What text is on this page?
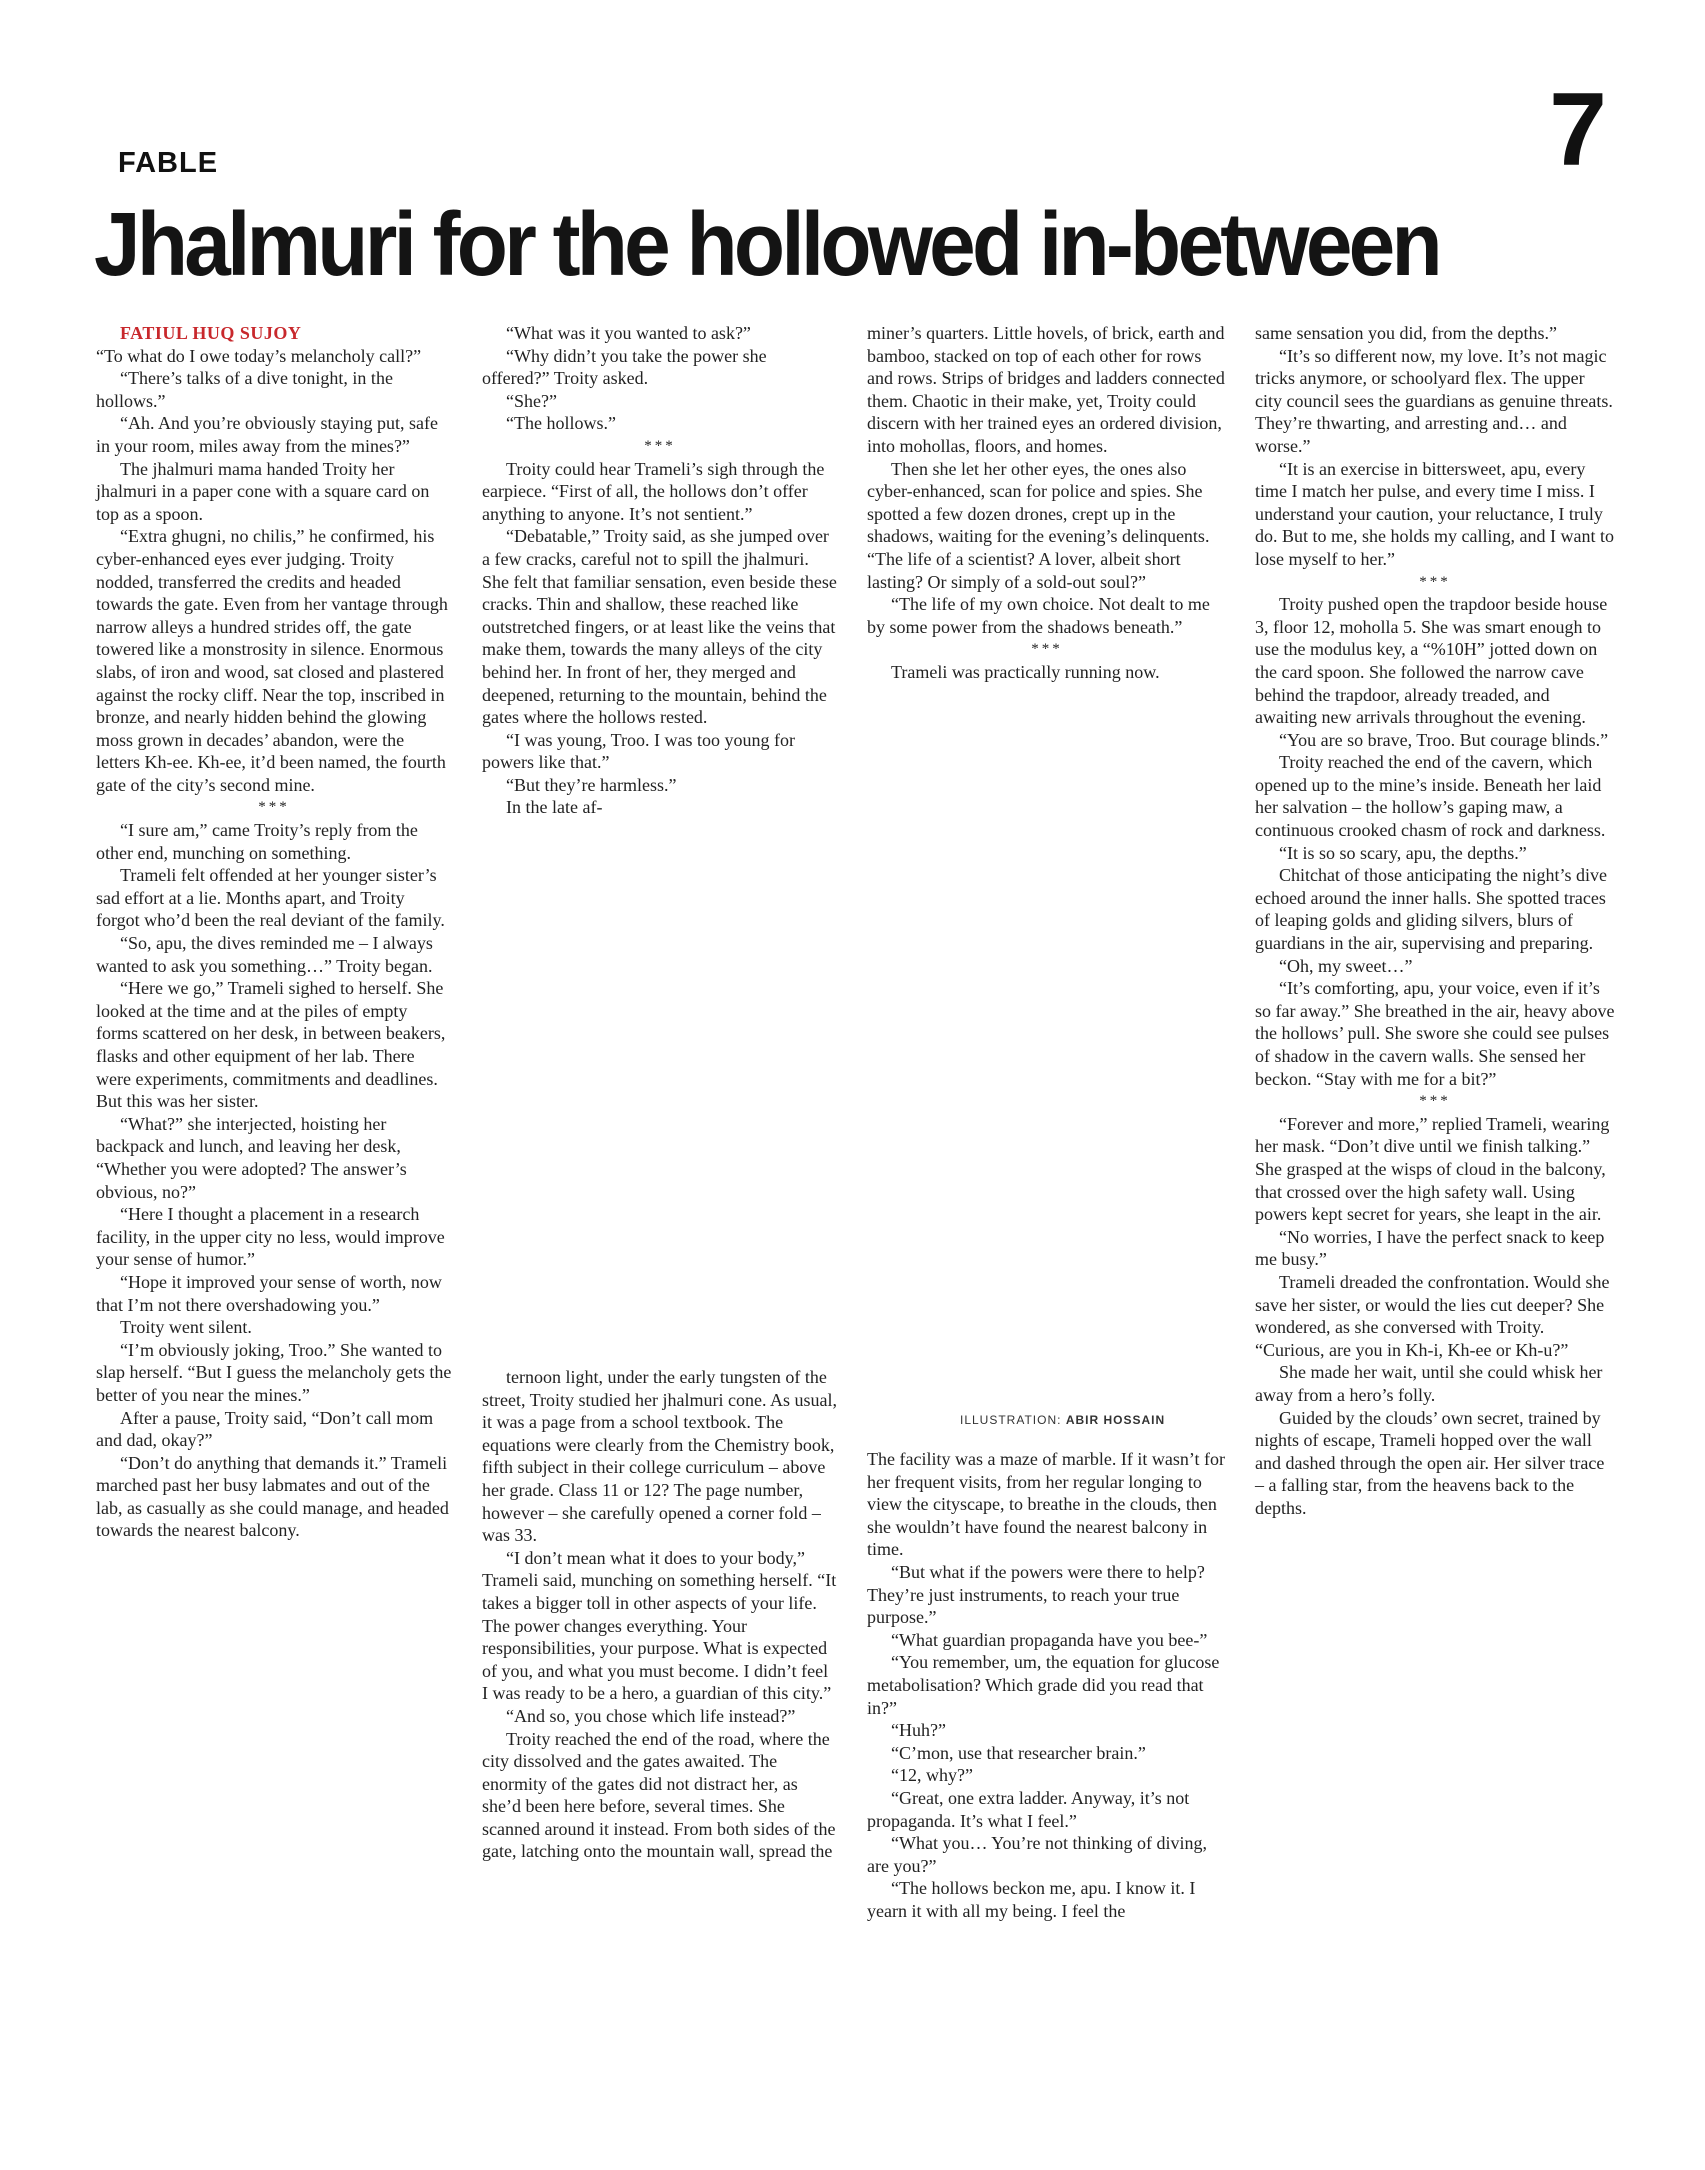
FABLE	7
Jhalmuri for the hollowed in-between

FATIUL HUQ SUJOY

“To what do I owe today’s melancholy call?”

“There’s talks of a dive tonight, in the hollows.”

“Ah. And you’re obviously staying put, safe in your room, miles away from the mines?”

The jhalmuri mama handed Troity her jhalmuri in a paper cone with a square card on top as a spoon.

“Extra ghugni, no chilis,” he confirmed, his cyber-enhanced eyes ever judging. Troity nodded, transferred the credits and headed towards the gate. Even from her vantage through narrow alleys a hundred strides off, the gate towered like a monstrosity in silence. Enormous slabs, of iron and wood, sat closed and plastered against the rocky cliff. Near the top, inscribed in bronze, and nearly hidden behind the glowing moss grown in decades’ abandon, were the letters Kh-ee. Kh-ee, it’d been named, the fourth gate of the city’s second mine.

***

“I sure am,” came Troity’s reply from the other end, munching on something.

Trameli felt offended at her younger sister’s sad effort at a lie. Months apart, and Troity forgot who’d been the real deviant of the family.

“So, apu, the dives reminded me – I always wanted to ask you something…” Troity began.

“Here we go,” Trameli sighed to herself. She looked at the time and at the piles of empty forms scattered on her desk, in between beakers, flasks and other equipment of her lab. There were experiments, commitments and deadlines. But this was her sister.

“What?” she interjected, hoisting her backpack and lunch, and leaving her desk, “Whether you were adopted? The answer’s obvious, no?”

“Here I thought a placement in a research facility, in the upper city no less, would improve your sense of humor.”

“Hope it improved your sense of worth, now that I’m not there overshadowing you.”

Troity went silent.

“I’m obviously joking, Troo.” She wanted to slap herself. “But I guess the melancholy gets the better of you near the mines.”

After a pause, Troity said, “Don’t call mom and dad, okay?”

“Don’t do anything that demands it.” Trameli marched past her busy labmates and out of the lab, as casually as she could manage, and headed towards the nearest balcony.

“What was it you wanted to ask?”

“Why didn’t you take the power she offered?” Troity asked.

“She?”

“The hollows.”

***

Troity could hear Trameli’s sigh through the earpiece. “First of all, the hollows don’t offer anything to anyone. It’s not sentient.”

“Debatable,” Troity said, as she jumped over a few cracks, careful not to spill the jhalmuri. She felt that familiar sensation, even beside these cracks. Thin and shallow, these reached like outstretched fingers, or at least like the veins that make them, towards the many alleys of the city behind her. In front of her, they merged and deepened, returning to the mountain, behind the gates where the hollows rested.

“I was young, Troo. I was too young for powers like that.”

“But they’re harmless.”

In the late af-

ternoon light, under the early tungsten of the street, Troity studied her jhalmuri cone. As usual, it was a page from a school textbook. The equations were clearly from the Chemistry book, fifth subject in their college curriculum – above her grade. Class 11 or 12? The page number, however – she carefully opened a corner fold – was 33.

“I don’t mean what it does to your body,” Trameli said, munching on something herself. “It takes a bigger toll in other aspects of your life. The power changes everything. Your responsibilities, your purpose. What is expected of you, and what you must become. I didn’t feel I was ready to be a hero, a guardian of this city.”

“And so, you chose which life instead?”

Troity reached the end of the road, where the city dissolved and the gates awaited. The enormity of the gates did not distract her, as she’d been here before, several times. She scanned around it instead. From both sides of the gate, latching onto the mountain wall, spread the

miner’s quarters. Little hovels, of brick, earth and bamboo, stacked on top of each other for rows and rows. Strips of bridges and ladders connected them. Chaotic in their make, yet, Troity could discern with her trained eyes an ordered division, into mohollas, floors, and homes.

Then she let her other eyes, the ones also cyber-enhanced, scan for police and spies. She spotted a few dozen drones, crept up in the shadows, waiting for the evening’s delinquents. “The life of a scientist? A lover, albeit short lasting? Or simply of a sold-out soul?”

“The life of my own choice. Not dealt to me by some power from the shadows beneath.”

***

Trameli was practically running now.

ILLUSTRATION: ABIR HOSSAIN

The facility was a maze of marble. If it wasn’t for her frequent visits, from her regular longing to view the cityscape, to breathe in the clouds, then she wouldn’t have found the nearest balcony in time.

“But what if the powers were there to help? They’re just instruments, to reach your true purpose.”

“What guardian propaganda have you bee-”

“You remember, um, the equation for glucose metabolisation? Which grade did you read that in?”

“Huh?”

“C’mon, use that researcher brain.”

“12, why?”

“Great, one extra ladder. Anyway, it’s not propaganda. It’s what I feel.”

“What you… You’re not thinking of diving, are you?”

“The hollows beckon me, apu. I know it. I yearn it with all my being. I feel the

same sensation you did, from the depths.”

“It’s so different now, my love. It’s not magic tricks anymore, or schoolyard flex. The upper city council sees the guardians as genuine threats. They’re thwarting, and arresting and… and worse.”

“It is an exercise in bittersweet, apu, every time I match her pulse, and every time I miss. I understand your caution, your reluctance, I truly do. But to me, she holds my calling, and I want to lose myself to her.”

***

Troity pushed open the trapdoor beside house 3, floor 12, moholla 5. She was smart enough to use the modulus key, a “%10H” jotted down on the card spoon. She followed the narrow cave behind the trapdoor, already treaded, and awaiting new arrivals throughout the evening.

“You are so brave, Troo. But courage blinds.”

Troity reached the end of the cavern, which opened up to the mine’s inside. Beneath her laid her salvation – the hollow’s gaping maw, a continuous crooked chasm of rock and darkness.

“It is so so scary, apu, the depths.”

Chitchat of those anticipating the night’s dive echoed around the inner halls. She spotted traces of leaping golds and gliding silvers, blurs of guardians in the air, supervising and preparing.

“Oh, my sweet…”

“It’s comforting, apu, your voice, even if it’s so far away.” She breathed in the air, heavy above the hollows’ pull. She swore she could see pulses of shadow in the cavern walls. She sensed her beckon. “Stay with me for a bit?”

***

“Forever and more,” replied Trameli, wearing her mask. “Don’t dive until we finish talking.” She grasped at the wisps of cloud in the balcony, that crossed over the high safety wall. Using powers kept secret for years, she leapt in the air.

“No worries, I have the perfect snack to keep me busy.”

Trameli dreaded the confrontation. Would she save her sister, or would the lies cut deeper? She wondered, as she conversed with Troity. “Curious, are you in Kh-i, Kh-ee or Kh-u?”

She made her wait, until she could whisk her away from a hero’s folly.

Guided by the clouds’ own secret, trained by nights of escape, Trameli hopped over the wall and dashed through the open air. Her silver trace – a falling star, from the heavens back to the depths.
